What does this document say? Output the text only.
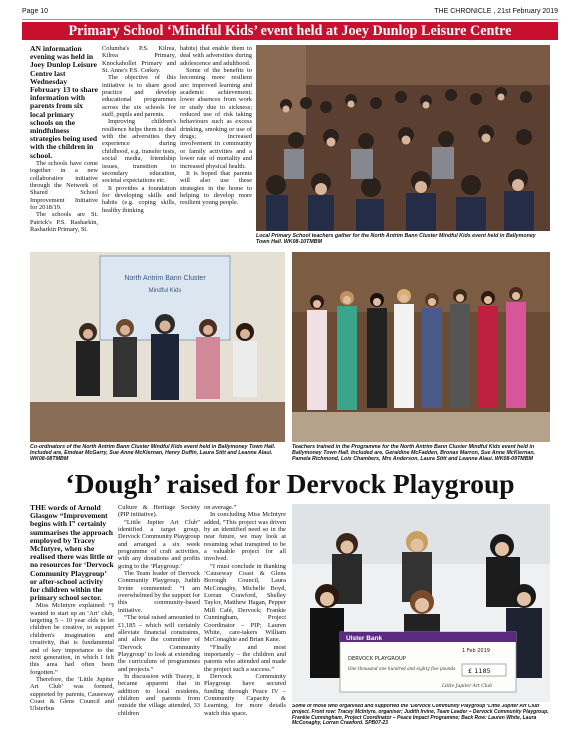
Page 10	THE CHRONICLE , 21st February 2019
Primary School ‘Mindful Kids’ event held at Joey Dunlop Leisure Centre

AN information evening was held in Joey Dunlop Leisure Centre last Wednesday February 13 to share information with parents from six local primary schools on the mindfulness strategies being used with the children in school.

The schools have come together in a new collaborative initiative through the Network of Shared School Improvement Initiative for 2018/19.

The schools are St. Patrick's P.S. Rasharkin, Rasharkin Primary, St.

Columba's P.S. Kilrea, Kilrea Primary, Knockahollet Primary and St. Anne's P.S. Corkey.

The objective of this initiative is to share good practice and develop educational programmes across the six schools for staff, pupils and parents.

Improving children's resilience helps them to deal with the adversities they experience during childhood, e.g. transfer tests, social media, friendship issues, transition to secondary education, societal expectations etc.

It provides a foundation for developing skills and habits (e.g. coping skills, healthy thinking

habits) that enable them to deal with adversities during adolescence and adulthood.

Some of the benefits to becoming more resilient are: improved learning and academic achievement; lower absences from work or study due to sickness; reduced use of risk taking behaviours such as excess drinking, smoking or use of drugs; increased involvement in community or family activities and a lower rate of mortality and increased physical health.

It is hoped that parents will also use these strategies in the home to helping to develop more resilient young people.

Local Primary School teachers gather for the North Antrim Bann Cluster Mindful Kids event held in Ballymoney Town Hall. WK08-10TMBM
North Antrim Bann Cluster
Mindful Kids
Co-ordinators of the North Antrim Bann Cluster Mindful Kids event held in Ballymoney Town Hall. Included are, Emdear McGarry, Sue Anne McKiernan, Henry Duffin, Laura Stitt and Leanne Alaui. WK08-08TMBM
Teachers trained in the Programme for the North Antrim Bann Cluster Mindful Kids event held in Ballymoney Town Hall. Included are, Geraldine McFadden, Bronas Marron, Sue Anne McKiernan, Pamela Richmond, Lois Chambers, Mrs Anderson, Laura Stitt and Leanne Alaui. WK08-09TMBM
‘Dough’ raised for Dervock Playgroup

THE words of Arnold Glasgow “Improvement begins with I” certainly summarises the approach employed by Tracey McIntyre, when she realised there was little or no resources for ‘Dervock Community Playgroup’ or after-school activity for children within the primary school sector.

Miss McIntyre explained: “I wanted to start up an ‘Art’ club, targeting 5 – 10 year olds to let children be creative, to support children's imagination and creativity, that is fundamental and of key importance to the next generation, in which I felt this area had often been forgotten.”

Therefore, the ‘Little Jupiter Art Club’ was formed, supported by parents, Causeway Coast & Glens Council and Ulsterbus

Culture & Heritage Society (PIP initiative).

“Little Jupiter Art Club” identified a target group, Dervock Community Playgroup and arranged a six week programme of craft activities, with any donations and profits going to the ‘Playgroup.’

The Team leader of Dervock Community Playgroup, Judith Irvine commented: “I am overwhelmed by the support for this community-based initiative.

“The total raised amounted to £1,185 – which will certainly alleviate financial constraints, and allow the committee of ‘Dervock Community Playgroup’ to look at extending the curriculum of programmes and projects.”

In discussion with Tracey, it became apparent that in addition to local residents, children and parents from outside the village attended, 33 children

on average.”

In concluding Miss McIntyre added, “This project was driven by an identified need so in the near future, we may look at resuming what transpired to be a valuable project for all involved.

“I must conclude in thanking ‘Causeway Coast & Glens Borough Council, Laura McConaghy, Michelle Boyd, Lorran Crawford, Shelley Taylor, Matthew Hagan, Pepper Mill Café, Dervock; Frankie Cunningham, Project Coordinator – PIP; Lauren White, care-takers William McConaghie and Brian Kane.

“Finally and most importantly – the children and parents who attended and made the project such a success.”

Dervock Community Playgroup have secured funding through Peace IV – Community Capacity & Learning, for more details watch this space.

Ulster Bank
1 Feb 2019
DERVOCK PLAYGROUP
One thousand one hundred and eighty five pounds £ 1185
Little Jupiter Art Club
Some of those who organised and supported the ‘Dervock Community Playgroup’‘Little Jupiter Art Club’ project. Front row: Tracey McIntyre, organiser; Judith Irvine, Team Leader – Dervock Community Playgroup, Frankie Cunningham, Project Coordinator – Peace Impact Programme; Back Row: Lauren White, Laura McConaghy, Lorran Crawford. SPB07-23
